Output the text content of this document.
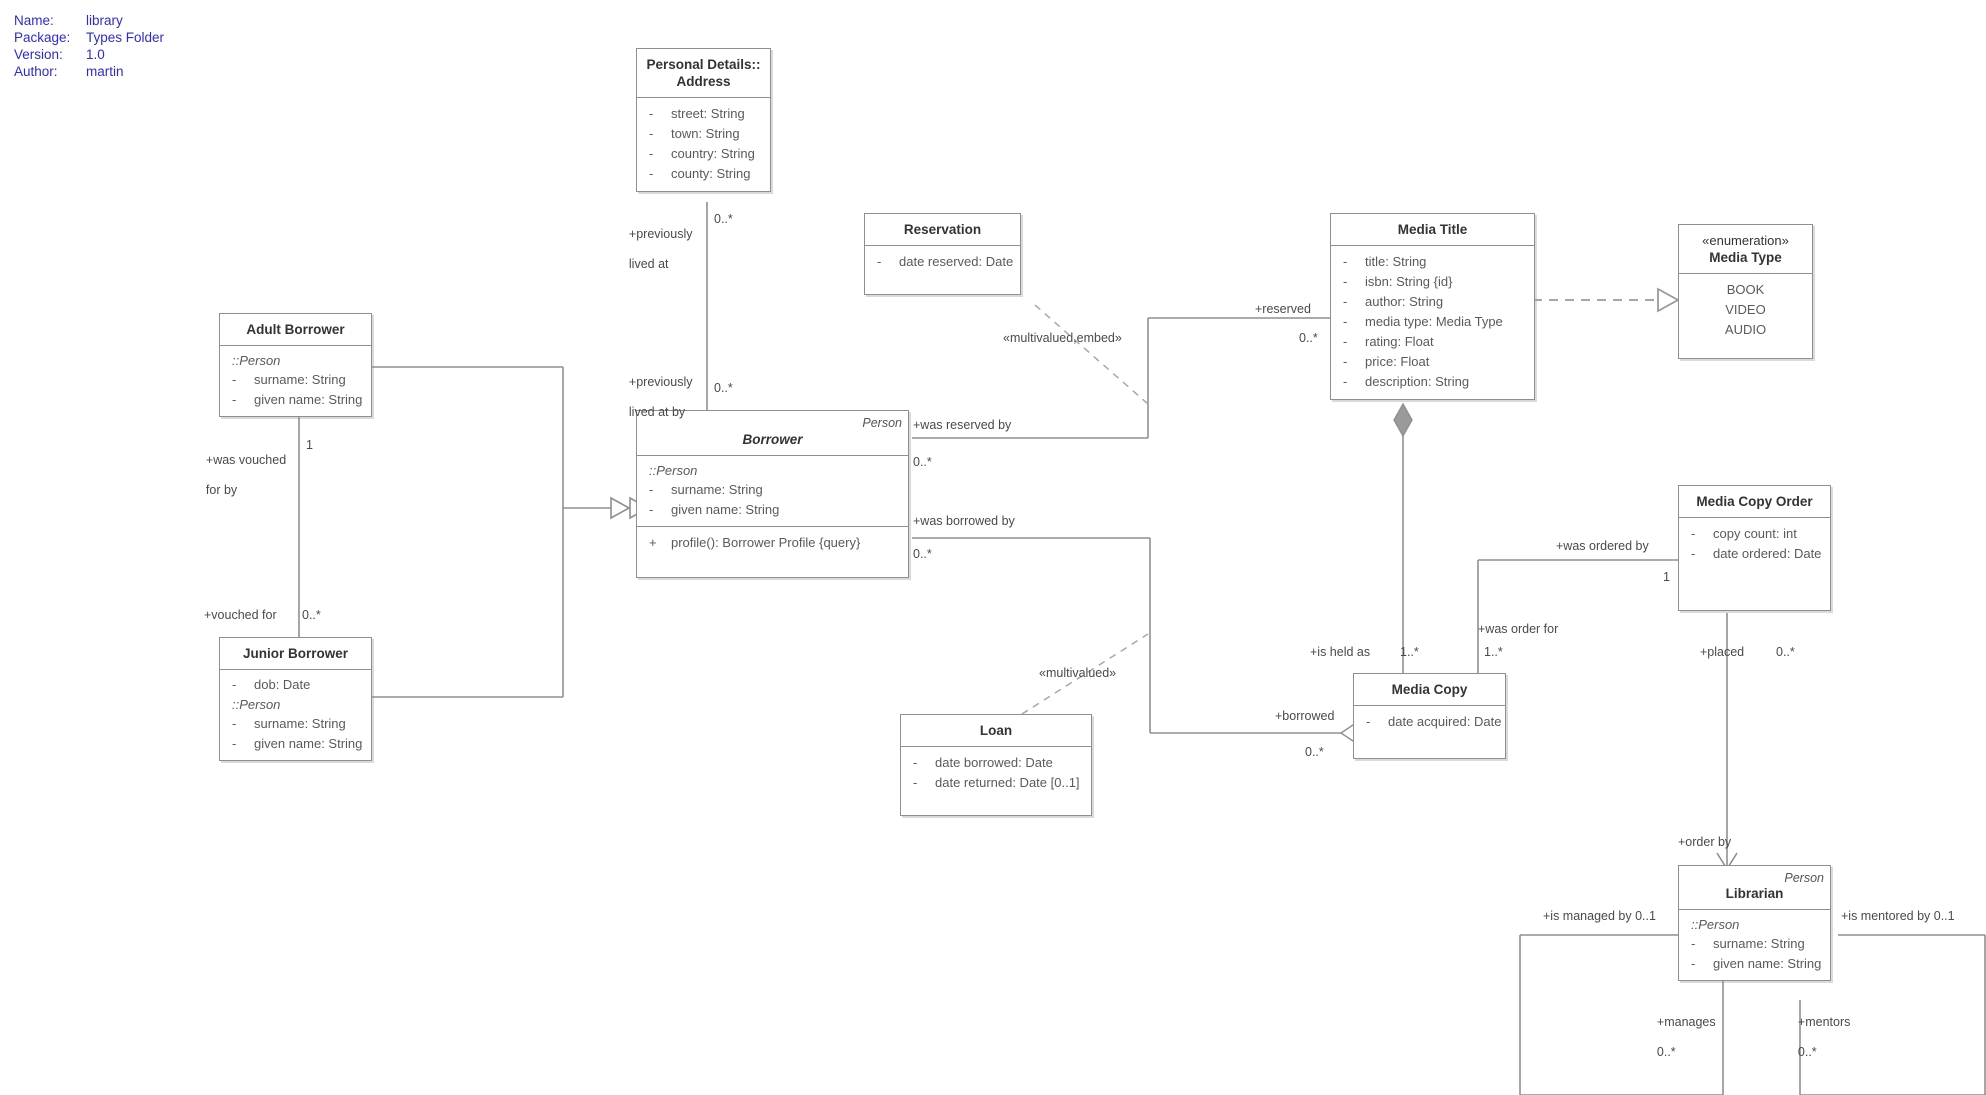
Name:	library
Package:	Types Folder
Version:	1.0
Author:	martin	Personal Details::
Address
-	street: String
-	town: String
-	country: String
-	county: String
Reservation
-	date reserved: Date
Media Title
-	title: String
-	isbn: String {id}
-	author: String
-	media type: Media Type
-	rating: Float
-	price: Float
-	description: String
«enumeration»
Media Type
BOOK
VIDEO
AUDIO
Adult Borrower
::Person
-	surname: String
-	given name: String
Person
Borrower
::Person
-	surname: String
-	given name: String
+	profile(): Borrower Profile {query}
Junior Borrower
-	dob: Date
::Person
-	surname: String
-	given name: String
Media Copy Order
-	copy count: int
-	date ordered: Date
Media Copy
-	date acquired: Date
Loan
-	date borrowed: Date
-	date returned: Date [0..1]
Person
Librarian
::Person
-	surname: String
-	given name: String

+previously

lived at

0..*

+previously

lived at by

0..*

+was vouched

for by

1
+vouched for 0..*
+was reserved by
0..*
+reserved
0..*
«multivalued,embed»
+was borrowed by
0..*
«multivalued»
+borrowed
0..*
+is held as 1..*
+was order for
1..*
+was ordered by
1
+placed	0..*
+order by
+is managed by 0..1	+is mentored by 0..1

+manages

0..*

+mentors

0..*
